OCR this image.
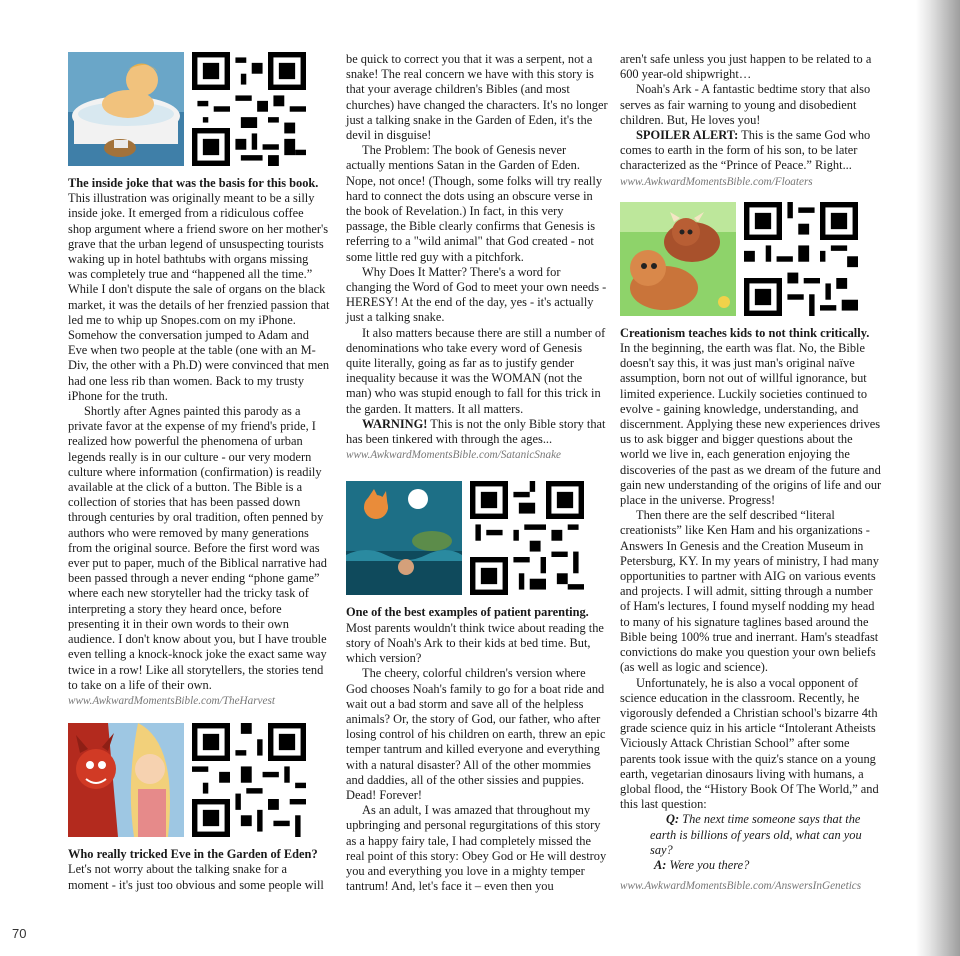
The inside joke that was the basis for this book.

This illustration was originally meant to be a silly inside joke. It emerged from a ridiculous coffee shop argument where a friend swore on her mother's grave that the urban legend of unsuspecting tourists waking up in hotel bathtubs with organs missing was completely true and “happened all the time.” While I don't dispute the sale of organs on the black market, it was the details of her frenzied passion that led me to whip up Snopes.com on my iPhone. Somehow the conversation jumped to Adam and Eve when two people at the table (one with an M-Div, the other with a Ph.D) were convinced that men had one less rib than women. Back to my trusty iPhone for the truth.

Shortly after Agnes painted this parody as a private favor at the expense of my friend's pride, I realized how powerful the phenomena of urban legends really is in our culture - our very modern culture where information (confirmation) is readily available at the click of a button. The Bible is a collection of stories that has been passed down through centuries by oral tradition, often penned by authors who were removed by many generations from the original source. Before the first word was ever put to paper, much of the Biblical narrative had been passed through a never ending “phone game” where each new storyteller had the tricky task of interpreting a story they heard once, before presenting it in their own words to their own audience. I don't know about you, but I have trouble even telling a knock-knock joke the exact same way twice in a row! Like all storytellers, the stories tend to take on a life of their own.

www.AwkwardMomentsBible.com/TheHarvest
Who really tricked Eve in the Garden of Eden?

Let's not worry about the talking snake for a moment - it's just too obvious and some people will

be quick to correct you that it was a serpent, not a snake! The real concern we have with this story is that your average children's Bibles (and most churches) have changed the characters. It's no longer just a talking snake in the Garden of Eden, it's the devil in disguise!

The Problem: The book of Genesis never actually mentions Satan in the Garden of Eden. Nope, not once! (Though, some folks will try really hard to connect the dots using an obscure verse in the book of Revelation.) In fact, in this very passage, the Bible clearly confirms that Genesis is referring to a "wild animal" that God created - not some little red guy with a pitchfork.

Why Does It Matter? There's a word for changing the Word of God to meet your own needs - HERESY! At the end of the day, yes - it's actually just a talking snake.

It also matters because there are still a number of denominations who take every word of Genesis quite literally, going as far as to justify gender inequality because it was the WOMAN (not the man) who was stupid enough to fall for this trick in the garden. It matters. It all matters.

WARNING! This is not the only Bible story that has been tinkered with through the ages...

www.AwkwardMomentsBible.com/SatanicSnake
One of the best examples of patient parenting.

Most parents wouldn't think twice about reading the story of Noah's Ark to their kids at bed time. But, which version?

The cheery, colorful children's version where God chooses Noah's family to go for a boat ride and wait out a bad storm and save all of the helpless animals? Or, the story of God, our father, who after losing control of his children on earth, threw an epic temper tantrum and killed everyone and everything with a natural disaster? All of the other mommies and daddies, all of the other sissies and puppies. Dead! Forever!

As an adult, I was amazed that throughout my upbringing and personal regurgitations of this story as a happy fairy tale, I had completely missed the real point of this story: Obey God or He will destroy you and everything you love in a mighty temper tantrum! And, let's face it – even then you

aren't safe unless you just happen to be related to a 600 year-old shipwright…

Noah's Ark - A fantastic bedtime story that also serves as fair warning to young and disobedient children. But, He loves you!

SPOILER ALERT: This is the same God who comes to earth in the form of his son, to be later characterized as the “Prince of Peace.” Right...

www.AwkwardMomentsBible.com/Floaters
Creationism teaches kids to not think critically.

In the beginning, the earth was flat. No, the Bible doesn't say this, it was just man's original naïve assumption, born not out of willful ignorance, but limited experience. Luckily societies continued to evolve - gaining knowledge, understanding, and discernment. Applying these new experiences drives us to ask bigger and bigger questions about the world we live in, each generation enjoying the discoveries of the past as we dream of the future and gain new understanding of the origins of life and our place in the universe. Progress!

Then there are the self described “literal creationists” like Ken Ham and his organizations - Answers In Genesis and the Creation Museum in Petersburg, KY. In my years of ministry, I had many opportunities to partner with AIG on various events and projects. I will admit, sitting through a number of Ham's lectures, I found myself nodding my head to many of his signature taglines based around the Bible being 100% true and inerrant. Ham's steadfast convictions do make you question your own beliefs (as well as logic and science).

Unfortunately, he is also a vocal opponent of science education in the classroom. Recently, he vigorously defended a Christian school's bizarre 4th grade science quiz in his article “Intolerant Atheists Viciously Attack Christian School” after some parents took issue with the quiz's stance on a young earth, vegetarian dinosaurs living with humans, a global flood, the “History Book Of The World,” and this last question:

Q: The next time someone says that the earth is billions of years old, what can you say?

A: Were you there?

www.AwkwardMomentsBible.com/AnswersInGenetics
70
